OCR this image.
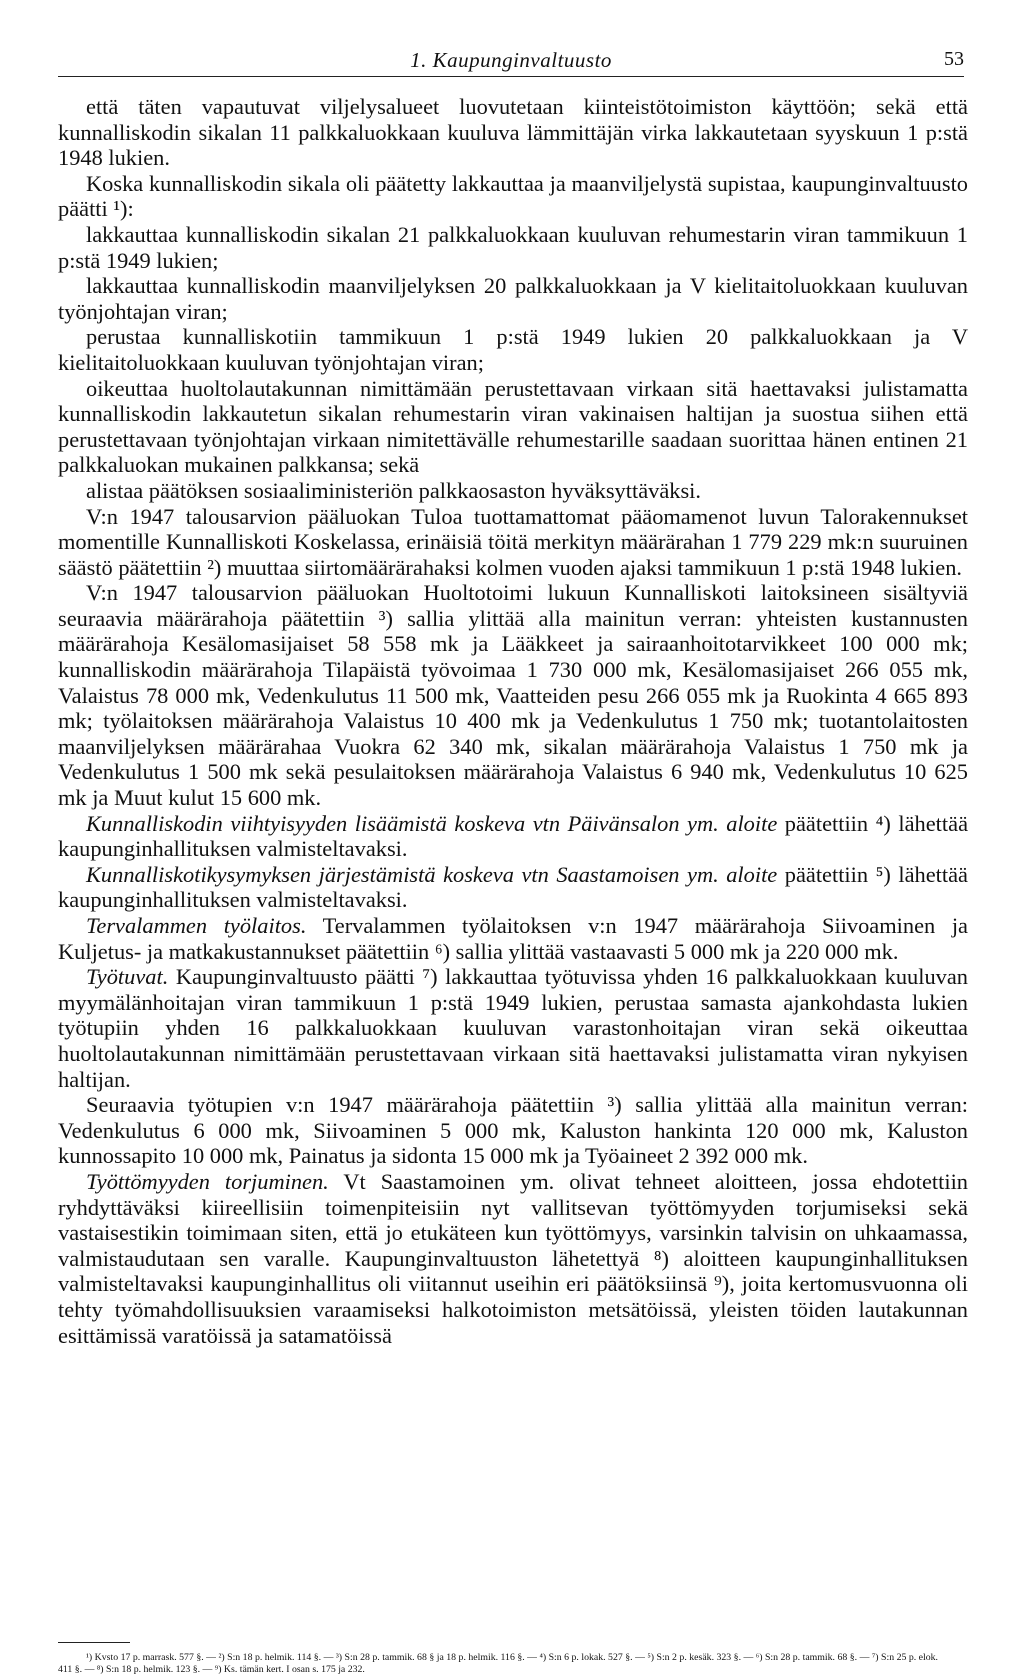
1. Kaupunginvaltuusto	53

että täten vapautuvat viljelysalueet luovutetaan kiinteistötoimiston käyttöön; sekä että kunnalliskodin sikalan 11 palkkaluokkaan kuuluva lämmittäjän virka lakkautetaan syyskuun 1 p:stä 1948 lukien.

Koska kunnalliskodin sikala oli päätetty lakkauttaa ja maanviljelystä supistaa, kaupunginvaltuusto päätti ¹):

lakkauttaa kunnalliskodin sikalan 21 palkkaluokkaan kuuluvan rehumestarin viran tammikuun 1 p:stä 1949 lukien;

lakkauttaa kunnalliskodin maanviljelyksen 20 palkkaluokkaan ja V kielitaitoluokkaan kuuluvan työnjohtajan viran;

perustaa kunnalliskotiin tammikuun 1 p:stä 1949 lukien 20 palkkaluokkaan ja V kielitaitoluokkaan kuuluvan työnjohtajan viran;

oikeuttaa huoltolautakunnan nimittämään perustettavaan virkaan sitä haettavaksi julistamatta kunnalliskodin lakkautetun sikalan rehumestarin viran vakinaisen haltijan ja suostua siihen että perustettavaan työnjohtajan virkaan nimitettävälle rehumestarille saadaan suorittaa hänen entinen 21 palkkaluokan mukainen palkkansa; sekä

alistaa päätöksen sosiaaliministeriön palkkaosaston hyväksyttäväksi.

V:n 1947 talousarvion pääluokan Tuloa tuottamattomat pääomamenot luvun Talorakennukset momentille Kunnalliskoti Koskelassa, erinäisiä töitä merkityn määrärahan 1 779 229 mk:n suuruinen säästö päätettiin ²) muuttaa siirtomäärärahaksi kolmen vuoden ajaksi tammikuun 1 p:stä 1948 lukien.

V:n 1947 talousarvion pääluokan Huoltotoimi lukuun Kunnalliskoti laitoksineen sisältyviä seuraavia määrärahoja päätettiin ³) sallia ylittää alla mainitun verran: yhteisten kustannusten määrärahoja Kesälomasijaiset 58 558 mk ja Lääkkeet ja sairaanhoitotarvikkeet 100 000 mk; kunnalliskodin määrärahoja Tilapäistä työvoimaa 1 730 000 mk, Kesälomasijaiset 266 055 mk, Valaistus 78 000 mk, Vedenkulutus 11 500 mk, Vaatteiden pesu 266 055 mk ja Ruokinta 4 665 893 mk; työlaitoksen määrärahoja Valaistus 10 400 mk ja Vedenkulutus 1 750 mk; tuotantolaitosten maanviljelyksen määrärahaa Vuokra 62 340 mk, sikalan määrärahoja Valaistus 1 750 mk ja Vedenkulutus 1 500 mk sekä pesulaitoksen määrärahoja Valaistus 6 940 mk, Vedenkulutus 10 625 mk ja Muut kulut 15 600 mk.

Kunnalliskodin viihtyisyyden lisäämistä koskeva vtn Päivänsalon ym. aloite päätettiin ⁴) lähettää kaupunginhallituksen valmisteltavaksi.

Kunnalliskotikysymyksen järjestämistä koskeva vtn Saastamoisen ym. aloite päätettiin ⁵) lähettää kaupunginhallituksen valmisteltavaksi.

Tervalammen työlaitos. Tervalammen työlaitoksen v:n 1947 määrärahoja Siivoaminen ja Kuljetus- ja matkakustannukset päätettiin ⁶) sallia ylittää vastaavasti 5 000 mk ja 220 000 mk.

Työtuvat. Kaupunginvaltuusto päätti ⁷) lakkauttaa työtuvissa yhden 16 palkkaluokkaan kuuluvan myymälänhoitajan viran tammikuun 1 p:stä 1949 lukien, perustaa samasta ajankohdasta lukien työtupiin yhden 16 palkkaluokkaan kuuluvan varastonhoitajan viran sekä oikeuttaa huoltolautakunnan nimittämään perustettavaan virkaan sitä haettavaksi julistamatta viran nykyisen haltijan.

Seuraavia työtupien v:n 1947 määrärahoja päätettiin ³) sallia ylittää alla mainitun verran: Vedenkulutus 6 000 mk, Siivoaminen 5 000 mk, Kaluston hankinta 120 000 mk, Kaluston kunnossapito 10 000 mk, Painatus ja sidonta 15 000 mk ja Työaineet 2 392 000 mk.

Työttömyyden torjuminen. Vt Saastamoinen ym. olivat tehneet aloitteen, jossa ehdotettiin ryhdyttäväksi kiireellisiin toimenpiteisiin nyt vallitsevan työttömyyden torjumiseksi sekä vastaisestikin toimimaan siten, että jo etukäteen kun työttömyys, varsinkin talvisin on uhkaamassa, valmistaudutaan sen varalle. Kaupunginvaltuuston lähetettyä ⁸) aloitteen kaupunginhallituksen valmisteltavaksi kaupunginhallitus oli viitannut useihin eri päätöksiinsä ⁹), joita kertomusvuonna oli tehty työmahdollisuuksien varaamiseksi halkotoimiston metsätöissä, yleisten töiden lautakunnan esittämissä varatöissä ja satamatöissä

¹) Kvsto 17 p. marrask. 577 §. — ²) S:n 18 p. helmik. 114 §. — ³) S:n 28 p. tammik. 68 § ja 18 p. helmik. 116 §. — ⁴) S:n 6 p. lokak. 527 §. — ⁵) S:n 2 p. kesäk. 323 §. — ⁶) S:n 28 p. tammik. 68 §. — ⁷) S:n 25 p. elok. 411 §. — ⁸) S:n 18 p. helmik. 123 §. — ⁹) Ks. tämän kert. I osan s. 175 ja 232.
